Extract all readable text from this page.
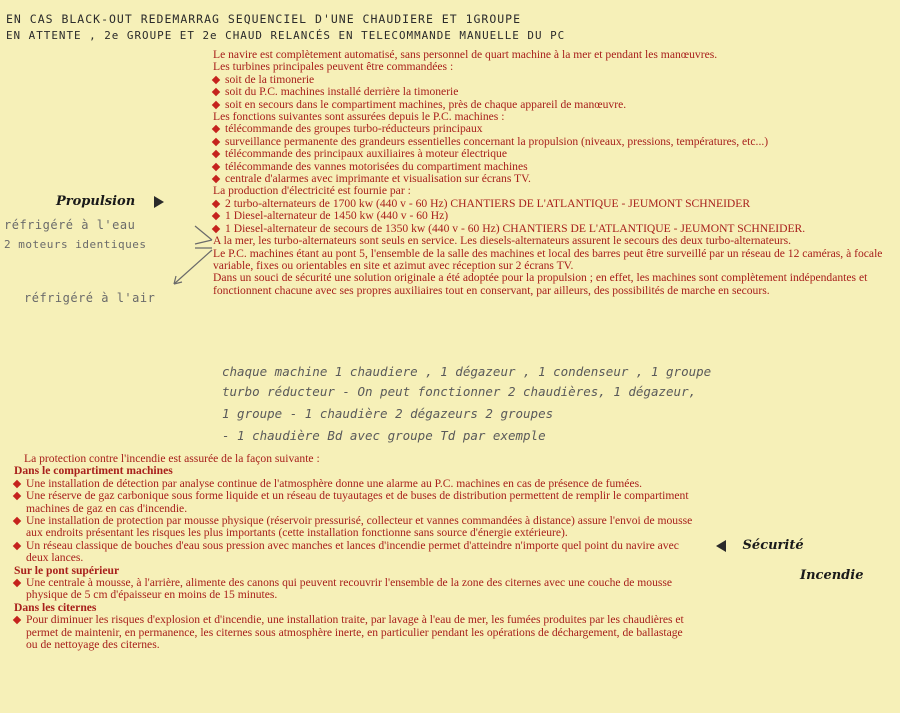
EN CAS BLACK-OUT REDEMARRAG SEQUENCIEL D'UNE CHAUDIERE ET 1GROUPE
EN ATTENTE , 2e GROUPE ET 2e CHAUD RELANCÉS EN TELECOMMANDE MANUELLE DU PC

Le navire est complètement automatisé, sans personnel de quart machine à la mer et pendant les manœuvres.

Les turbines principales peuvent être commandées :

soit de la timonerie

soit du P.C. machines installé derrière la timonerie

soit en secours dans le compartiment machines, près de chaque appareil de manœuvre.

Les fonctions suivantes sont assurées depuis le P.C. machines :

télécommande des groupes turbo-réducteurs principaux

surveillance permanente des grandeurs essentielles concernant la propulsion (niveaux, pressions, températures, etc...)

télécommande des principaux auxiliaires à moteur électrique

télécommande des vannes motorisées du compartiment machines

centrale d'alarmes avec imprimante et visualisation sur écrans TV.

La production d'électricité est fournie par :

2 turbo-alternateurs de 1700 kw (440 v - 60 Hz) CHANTIERS DE L'ATLANTIQUE - JEUMONT SCHNEIDER

1 Diesel-alternateur de 1450 kw (440 v - 60 Hz)

1 Diesel-alternateur de secours de 1350 kw (440 v - 60 Hz) CHANTIERS DE L'ATLANTIQUE - JEUMONT SCHNEIDER.

A la mer, les turbo-alternateurs sont seuls en service. Les diesels-alternateurs assurent le secours des deux turbo-alternateurs.

Le P.C. machines étant au pont 5, l'ensemble de la salle des machines et local des barres peut être surveillé par un réseau de 12 caméras, à focale variable, fixes ou orientables en site et azimut avec réception sur 2 écrans TV.

Dans un souci de sécurité une solution originale a été adoptée pour la propulsion ; en effet, les machines sont complètement indépendantes et fonctionnent chacune avec ses propres auxiliaires tout en conservant, par ailleurs, des possibilités de marche en secours.

Propulsion
réfrigéré à l'eau
2 moteurs identiques
réfrigéré à l'air
chaque machine 1 chaudiere , 1 dégazeur , 1 condenseur , 1 groupe
turbo réducteur - On peut fonctionner 2 chaudières, 1 dégazeur,
1 groupe - 1 chaudière 2 dégazeurs 2 groupes
- 1 chaudière Bd avec groupe Td par exemple

La protection contre l'incendie est assurée de la façon suivante :

Dans le compartiment machines

Une installation de détection par analyse continue de l'atmosphère donne une alarme au P.C. machines en cas de présence de fumées.

Une réserve de gaz carbonique sous forme liquide et un réseau de tuyautages et de buses de distribution permettent de remplir le compartiment machines de gaz en cas d'incendie.

Une installation de protection par mousse physique (réservoir pressurisé, collecteur et vannes commandées à distance) assure l'envoi de mousse aux endroits présentant les risques les plus importants (cette installation fonctionne sans source d'énergie extérieure).

Un réseau classique de bouches d'eau sous pression avec manches et lances d'incendie permet d'atteindre n'importe quel point du navire avec deux lances.

Sur le pont supérieur

Une centrale à mousse, à l'arrière, alimente des canons qui peuvent recouvrir l'ensemble de la zone des citernes avec une couche de mousse physique de 5 cm d'épaisseur en moins de 15 minutes.

Dans les citernes

Pour diminuer les risques d'explosion et d'incendie, une installation traite, par lavage à l'eau de mer, les fumées produites par les chaudières et permet de maintenir, en permanence, les citernes sous atmosphère inerte, en particulier pendant les opérations de déchargement, de ballastage ou de nettoyage des citernes.

Sécurité
Incendie
